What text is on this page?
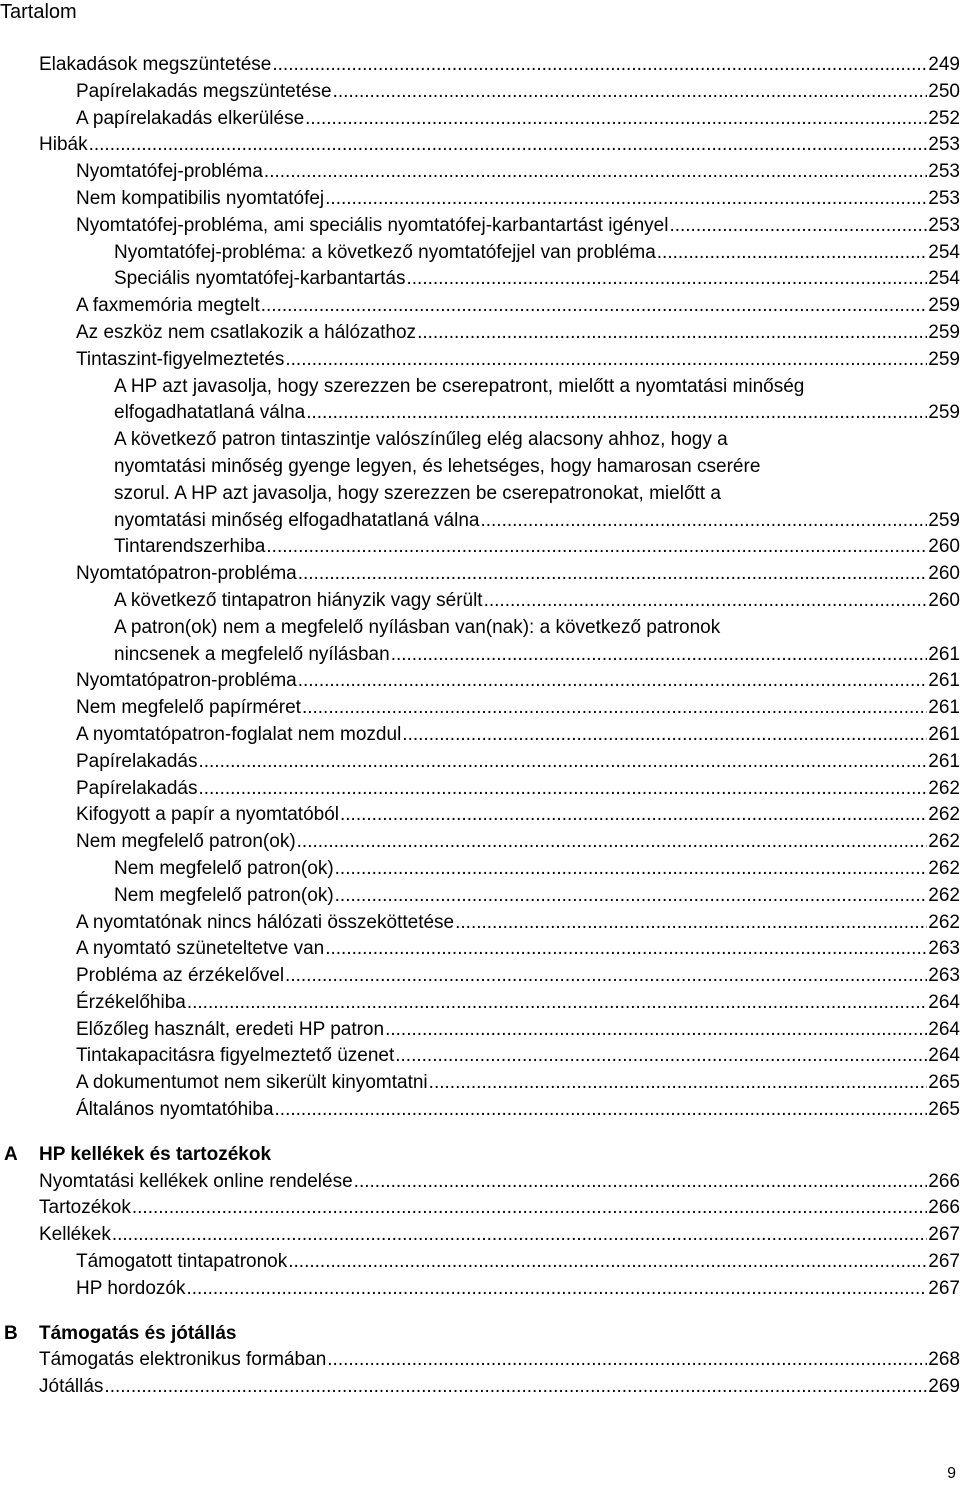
Tartalom
Elakadások megszüntetése .....	249
Papírelakadás megszüntetése .....	250
A papírelakadás elkerülése .....	252
Hibák .....	253
Nyomtatófej-probléma .....	253
Nem kompatibilis nyomtatófej .....	253
Nyomtatófej-probléma, ami speciális nyomtatófej-karbantartást igényel .....	253
Nyomtatófej-probléma: a következő nyomtatófejjel van probléma .....	254
Speciális nyomtatófej-karbantartás .....	254
A faxmemória megtelt .....	259
Az eszköz nem csatlakozik a hálózathoz .....	259
Tintaszint-figyelmeztetés .....	259
A HP azt javasolja, hogy szerezzen be cserepatront, mielőtt a nyomtatási minőség
elfogadhatatlaná válna .....	259
A következő patron tintaszintje valószínűleg elég alacsony ahhoz, hogy a
nyomtatási minőség gyenge legyen, és lehetséges, hogy hamarosan cserére
szorul. A HP azt javasolja, hogy szerezzen be cserepatronokat, mielőtt a
nyomtatási minőség elfogadhatatlaná válna .....	259
Tintarendszerhiba .....	260
Nyomtatópatron-probléma .....	260
A következő tintapatron hiányzik vagy sérült .....	260
A patron(ok) nem a megfelelő nyílásban van(nak): a következő patronok
nincsenek a megfelelő nyílásban .....	261
Nyomtatópatron-probléma .....	261
Nem megfelelő papírméret .....	261
A nyomtatópatron-foglalat nem mozdul .....	261
Papírelakadás .....	261
Papírelakadás .....	262
Kifogyott a papír a nyomtatóból .....	262
Nem megfelelő patron(ok) .....	262
Nem megfelelő patron(ok) .....	262
Nem megfelelő patron(ok) .....	262
A nyomtatónak nincs hálózati összeköttetése .....	262
A nyomtató szüneteltetve van .....	263
Probléma az érzékelővel .....	263
Érzékelőhiba .....	264
Előzőleg használt, eredeti HP patron .....	264
Tintakapacitásra figyelmeztető üzenet .....	264
A dokumentumot nem sikerült kinyomtatni .....	265
Általános nyomtatóhiba .....	265
A HP kellékek és tartozékok
Nyomtatási kellékek online rendelése .....	266
Tartozékok .....	266
Kellékek .....	267
Támogatott tintapatronok .....	267
HP hordozók .....	267
B Támogatás és jótállás
Támogatás elektronikus formában .....	268
Jótállás .....	269
9
